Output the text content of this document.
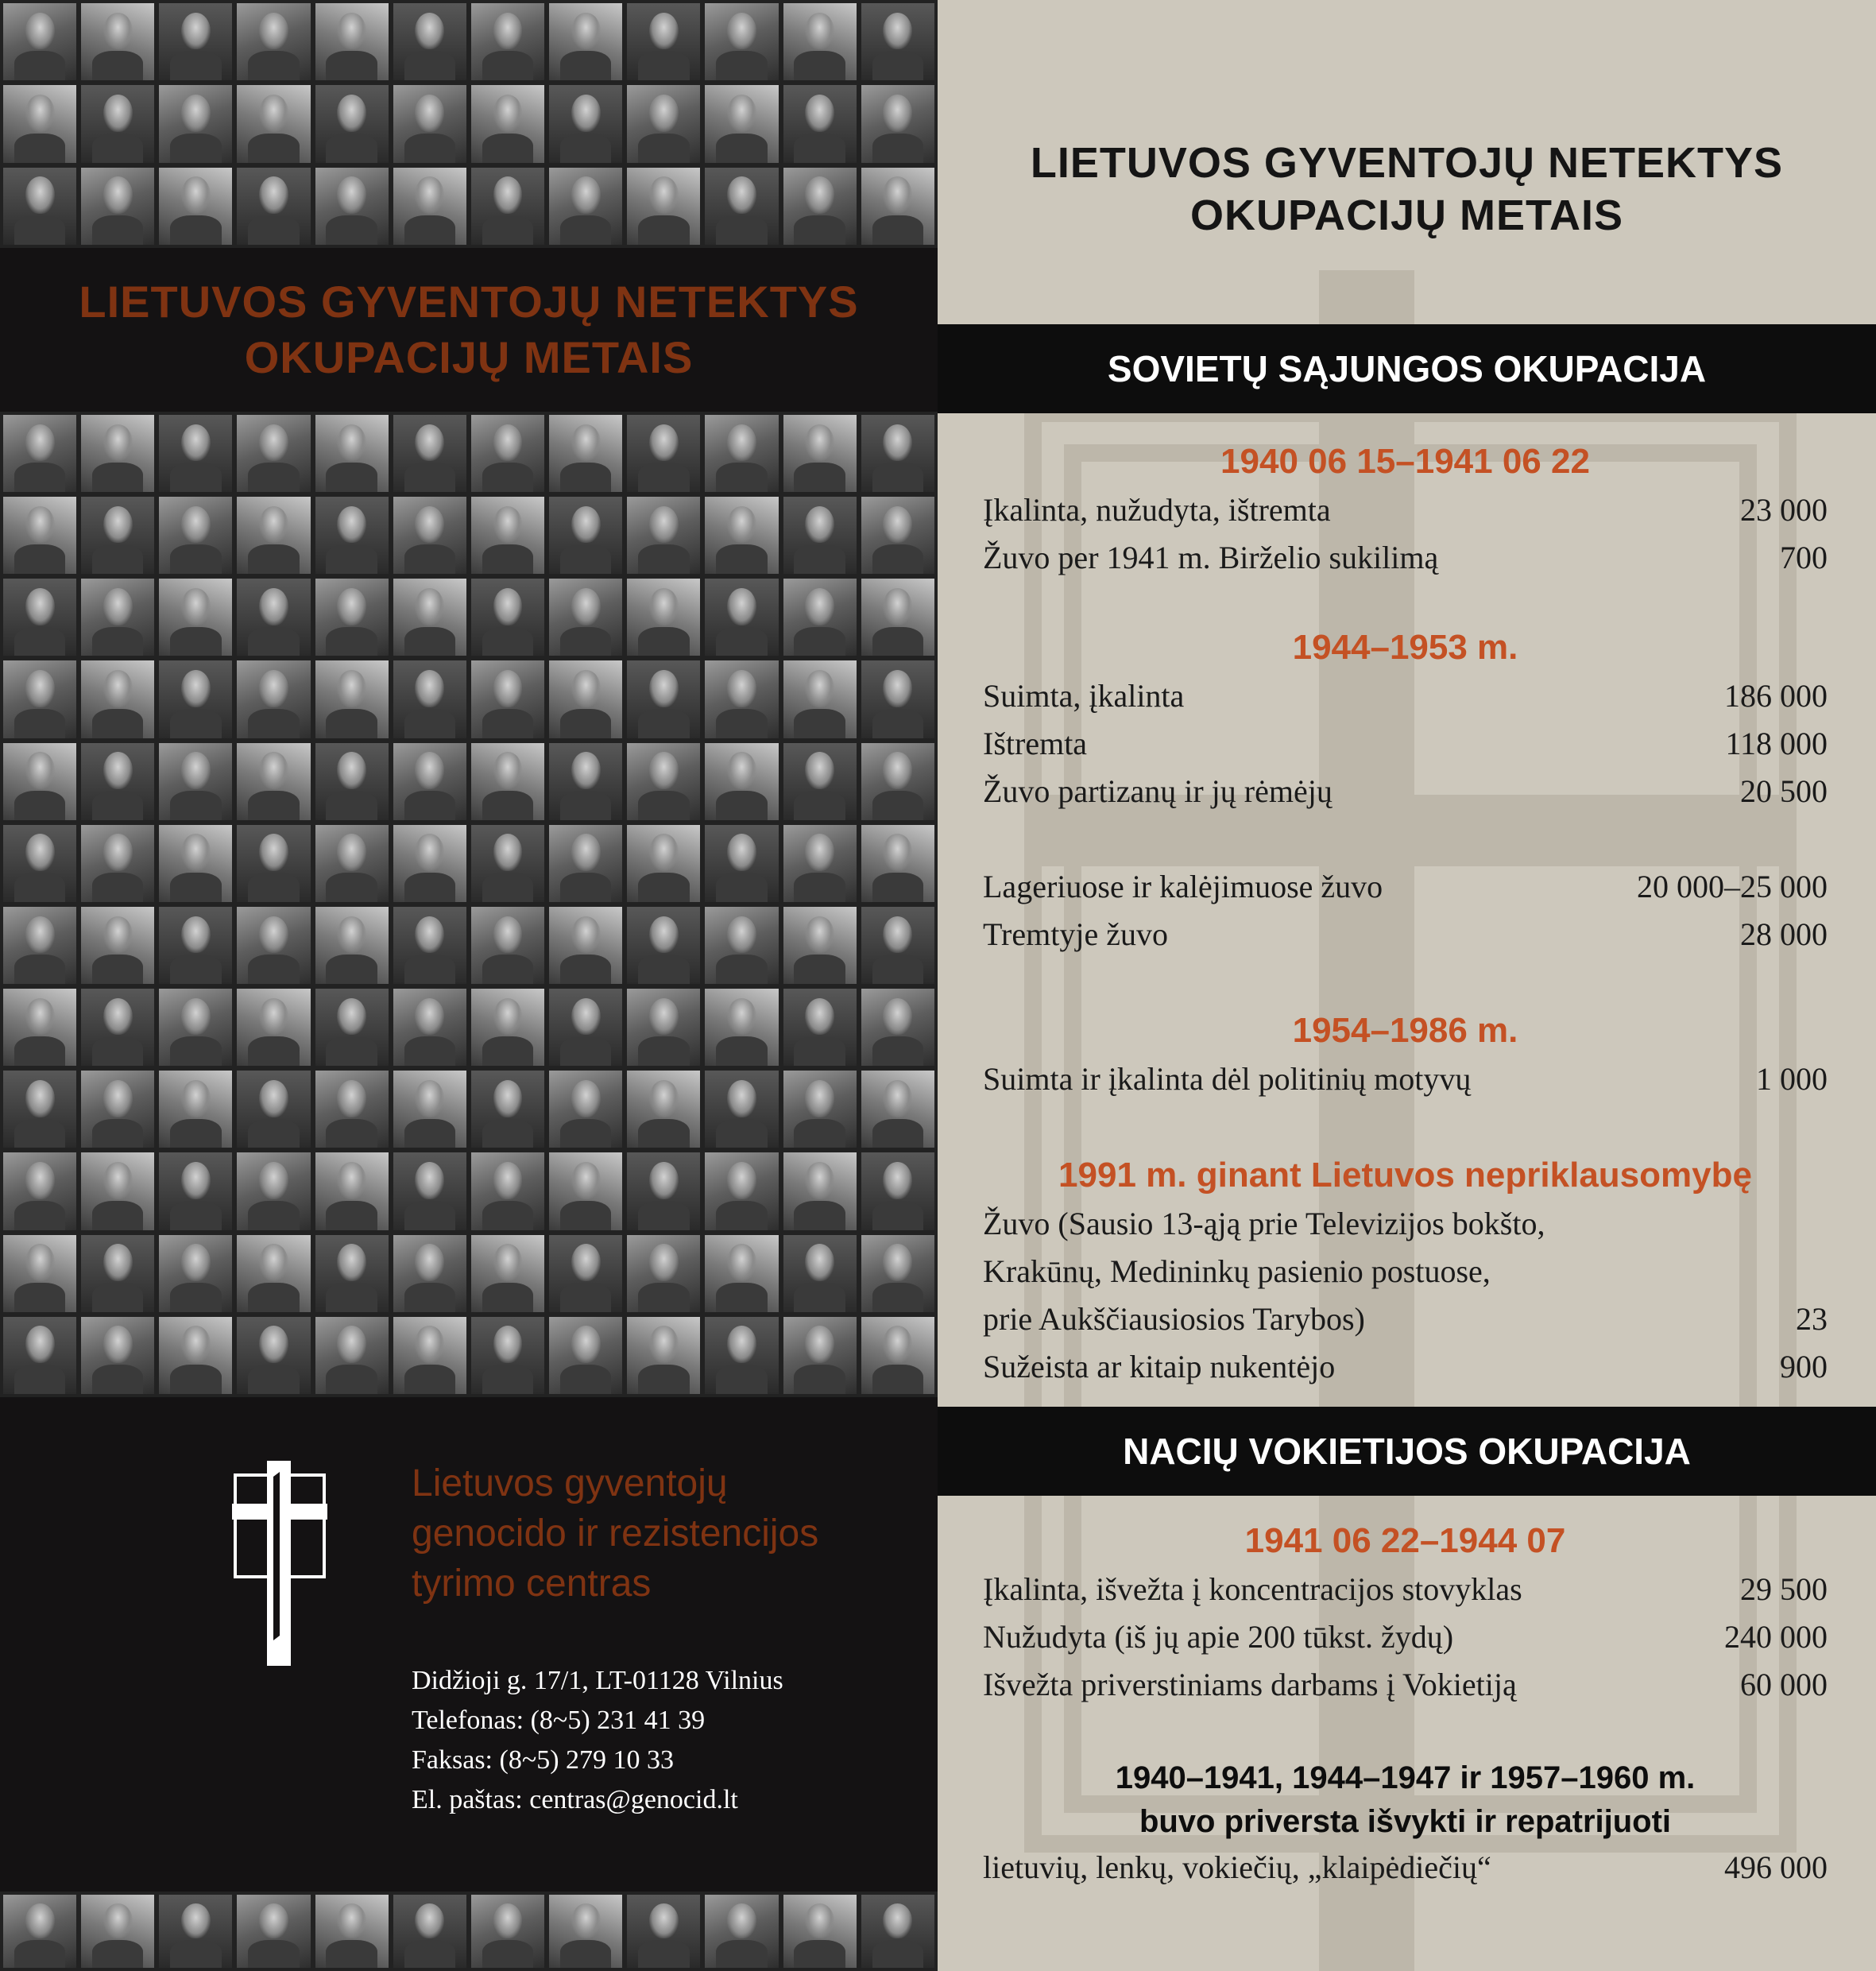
LIETUVOS GYVENTOJŲ NETEKTYS
OKUPACIJŲ METAIS
Lietuvos gyventojų
genocido ir rezistencijos
tyrimo centras
Didžioji g. 17/1, LT-01128 Vilnius
Telefonas: (8~5) 231 41 39
Faksas: (8~5) 279 10 33
El. paštas: centras@genocid.lt
LIETUVOS GYVENTOJŲ NETEKTYS
OKUPACIJŲ METAIS
SOVIETŲ SĄJUNGOS OKUPACIJA
1940 06 15–1941 06 22
Įkalinta, nužudyta, ištremta	23 000
Žuvo per 1941 m. Birželio sukilimą	700
1944–1953 m.
Suimta, įkalinta	186 000
Ištremta	118 000
Žuvo partizanų ir jų rėmėjų	20 500
Lageriuose ir kalėjimuose žuvo	20 000–25 000
Tremtyje žuvo	28 000
1954–1986 m.
Suimta ir įkalinta dėl politinių motyvų	1 000
1991 m. ginant Lietuvos nepriklausomybę
Žuvo (Sausio 13-ąją prie Televizijos bokšto,
Krakūnų, Medininkų pasienio postuose,
prie Aukščiausiosios Tarybos)	23
Sužeista ar kitaip nukentėjo	900
NACIŲ VOKIETIJOS OKUPACIJA
1941 06 22–1944 07
Įkalinta, išvežta į koncentracijos stovyklas	29 500
Nužudyta (iš jų apie 200 tūkst. žydų)	240 000
Išvežta priverstiniams darbams į Vokietiją	60 000
1940–1941, 1944–1947 ir 1957–1960 m.
buvo priversta išvykti ir repatrijuoti
lietuvių, lenkų, vokiečių, „klaipėdiečių“	496 000
